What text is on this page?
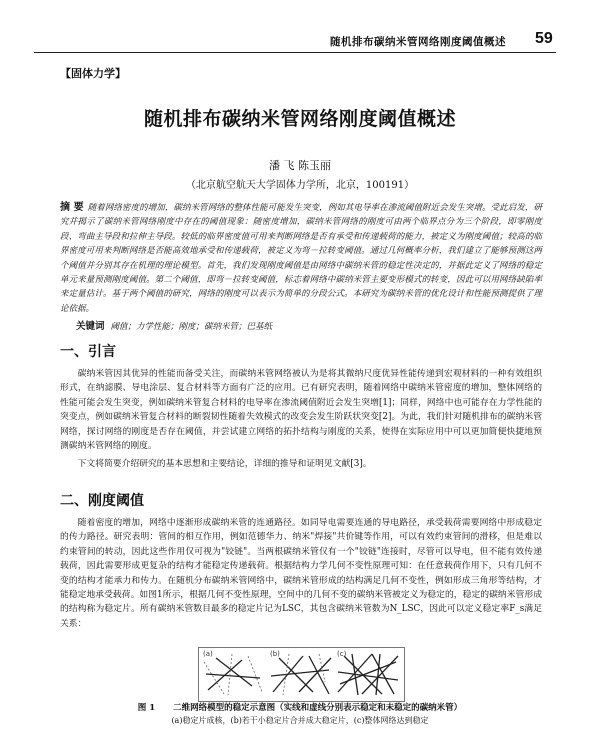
随机排布碳纳米管网络刚度阈值概述 59
【固体力学】
随机排布碳纳米管网络刚度阈值概述
潘 飞 陈玉丽
（北京航空航天大学固体力学所，北京，100191）
摘 要 随着网络密度的增加，碳纳米管网络的整体性能可能发生突变，例如其电导率在渗流阈值附近会发生突增。受此启发，研究并揭示了碳纳米管网络刚度中存在的阈值现象：随密度增加，碳纳米管网络的刚度可由两个临界点分为三个阶段，即零刚度段、弯曲主导段和拉伸主导段。较低的临界密度值可用来判断网络是否有承受和传递载荷的能力，被定义为刚度阈值；较高的临界密度可用来判断网络是否能高效地承受和传递载荷，被定义为弯－拉转变阈值。通过几何概率分析，我们建立了能够预测这两个阈值并分别其存在机理的理论模型。首先，我们发现刚度阈值是由网络中碳纳米管的稳定性决定的，并据此定义了网络的稳定单元来量预测刚度阈值。第二个阈值，即弯－拉转变阈值，标志着网络中碳纳米管主要变形模式的转变，因此可以用网络缺陷率来定量估计。基于两个阈值的研究，网络的刚度可以表示为简单的分段公式。本研究为碳纳米管的优化设计和性能预测提供了理论依据。
关键词 阈值；力学性能；刚度；碳纳米管；巴基纸
一、引言
碳纳米管因其优异的性能而备受关注，而碳纳米管网络被认为是将其微纳尺度优异性能传递到宏观材料的一种有效组织形式，在纳滤膜、导电涂层、复合材料等方面有广泛的应用。已有研究表明，随着网络中碳纳米管密度的增加，整体网络的性能可能会发生突变，例如碳纳米管复合材料的电导率在渗流阈值附近会发生突增[1]；同样，网络中也可能存在力学性能的突变点，例如碳纳米管复合材料的断裂韧性随着失效模式的改变会发生阶跃状突变[2]。为此，我们针对随机排布的碳纳米管网络，探讨网络的刚度是否存在阈值，并尝试建立网络的拓扑结构与刚度的关系，使得在实际应用中可以更加简便快捷地预测碳纳米管网络的刚度。
下文将简要介绍研究的基本思想和主要结论，详细的推导和证明见文献[3]。
二、刚度阈值
随着密度的增加，网络中逐渐形成碳纳米管的连通路径。如同导电需要连通的导电路径，承受载荷需要网络中形成稳定的传力路径。研究表明：管间的相互作用，例如范德华力、纳米"焊接"共价键等作用，可以有效约束管间的滑移，但是难以约束管间的转动，因此这些作用仅可视为"铰链"。当两根碳纳米管仅有一个"铰链"连接时，尽管可以导电，但不能有效传递载荷，因此需要形成更复杂的结构才能稳定传递载荷。根据结构力学几何不变性原理可知：在任意载荷作用下，只有几何不变的结构才能承力和传力。在随机分布碳纳米管网络中，碳纳米管形成的结构满足几何不变性，例如形成三角形等结构，才能稳定地承受载荷。如图1所示，根据几何不变性原理，空间中的几何不变的碳纳米管被定义为稳定的，稳定的碳纳米管形成的结构称为稳定片。所有碳纳米管数目最多的稳定片记为LSC，其包含碳纳米管数为N_LSC，因此可以定义稳定率F_s满足关系：
(a)	(b)	(c)
图 1 二维网络模型的稳定示意图（实线和虚线分别表示稳定和未稳定的碳纳米管）
(a)稳定片成核，(b)若干小稳定片合并成大稳定片，(c)整体网络达到稳定
